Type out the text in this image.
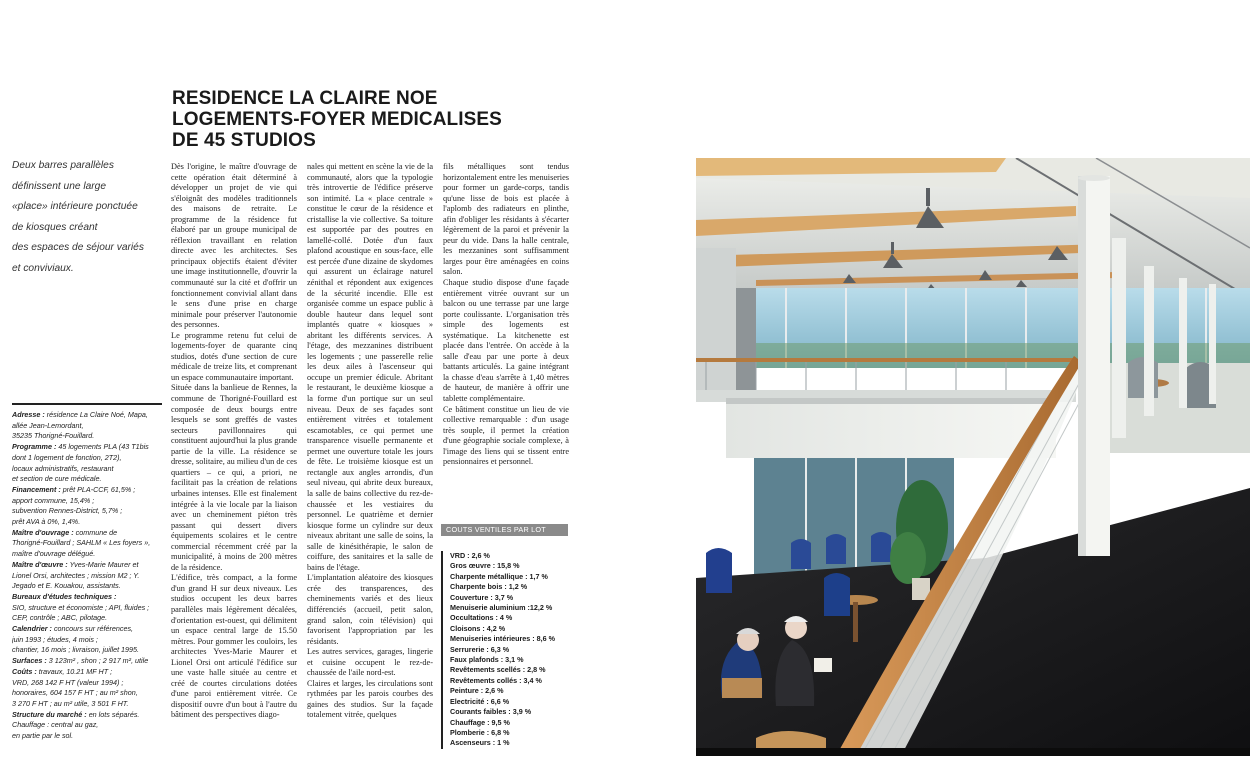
RESIDENCE LA CLAIRE NOE
LOGEMENTS-FOYER MEDICALISES
DE 45 STUDIOS
Deux barres parallèles
définissent une large
«place» intérieure ponctuée
de kiosques créant
des espaces de séjour variés
et conviviaux.
Adresse : résidence La Claire Noé, Mapa,
allée Jean-Lemordant,
35235 Thorigné-Fouillard.
Programme : 45 logements PLA (43 T1bis
dont 1 logement de fonction, 2T2),
locaux administratifs, restaurant
et section de cure médicale.
Financement : prêt PLA-CCF, 61,5% ;
apport commune, 15,4% ;
subvention Rennes-District, 5,7% ;
prêt AVA à 0%, 1,4%.
Maître d'ouvrage : commune de
Thorigné-Fouillard ; SAHLM « Les foyers »,
maître d'ouvrage délégué.
Maître d'œuvre : Yves-Marie Maurer et
Lionel Orsi, architectes ; mission M2 ; Y.
Jegado et E. Kouakou, assistants.
Bureaux d'études techniques :
SIO, structure et économiste ; API, fluides ;
CEP, contrôle ; ABC, pilotage.
Calendrier : concours sur références,
juin 1993 ; études, 4 mois ;
chantier, 16 mois ; livraison, juillet 1995.
Surfaces : 3 123m² , shon ; 2 917 m², utile
Coûts : travaux, 10.21 MF HT ;
VRD, 268 142 F HT (valeur 1994) ;
honoraires, 604 157 F HT ; au m² shon,
3 270 F HT ; au m² utile, 3 501 F HT.
Structure du marché : en lots séparés.
Chauffage : central au gaz,
en partie par le sol.

Dès l'origine, le maître d'ouvrage de cette opération était déterminé à développer un projet de vie qui s'éloignât des modèles traditionnels des maisons de retraite. Le programme de la résidence fut élaboré par un groupe municipal de réflexion travaillant en relation directe avec les architectes. Ses principaux objectifs étaient d'éviter une image institutionnelle, d'ouvrir la communauté sur la cité et d'offrir un fonctionnement convivial allant dans le sens d'une prise en charge minimale pour préserver l'autonomie des personnes.

Le programme retenu fut celui de logements-foyer de quarante cinq studios, dotés d'une section de cure médicale de treize lits, et comprenant un espace communautaire important.

Située dans la banlieue de Rennes, la commune de Thorigné-Fouillard est composée de deux bourgs entre lesquels se sont greffés de vastes secteurs pavillonnaires qui constituent aujourd'hui la plus grande partie de la ville. La résidence se dresse, solitaire, au milieu d'un de ces quartiers – ce qui, a priori, ne facilitait pas la création de relations urbaines intenses. Elle est finalement intégrée à la vie locale par la liaison avec un cheminement piéton très passant qui dessert divers équipements scolaires et le centre commercial récemment créé par la municipalité, à moins de 200 mètres de la résidence.

L'édifice, très compact, a la forme d'un grand H sur deux niveaux. Les studios occupent les deux barres parallèles mais légèrement décalées, d'orientation est-ouest, qui délimitent un espace central large de 15.50 mètres. Pour gommer les couloirs, les architectes Yves-Marie Maurer et Lionel Orsi ont articulé l'édifice sur une vaste halle située au centre et créé de courtes circulations dotées d'une paroi entièrement vitrée. Ce dispositif ouvre d'un bout à l'autre du bâtiment des perspectives diago-

nales qui mettent en scène la vie de la communauté, alors que la typologie très introvertie de l'édifice préserve son intimité. La « place centrale » constitue le cœur de la résidence et cristallise la vie collective. Sa toiture est supportée par des poutres en lamellé-collé. Dotée d'un faux plafond acoustique en sous-face, elle est percée d'une dizaine de skydomes qui assurent un éclairage naturel zénithal et répondent aux exigences de la sécurité incendie. Elle est organisée comme un espace public à double hauteur dans lequel sont implantés quatre « kiosques » abritant les différents services. A l'étage, des mezzanines distribuent les logements ; une passerelle relie les deux ailes à l'ascenseur qui occupe un premier édicule. Abritant le restaurant, le deuxième kiosque a la forme d'un portique sur un seul niveau. Deux de ses façades sont entièrement vitrées et totalement escamotables, ce qui permet une transparence visuelle permanente et permet une ouverture totale les jours de fête. Le troisième kiosque est un rectangle aux angles arrondis, d'un seul niveau, qui abrite deux bureaux, la salle de bains collective du rez-de-chaussée et les vestiaires du personnel. Le quatrième et dernier kiosque forme un cylindre sur deux niveaux abritant une salle de soins, la salle de kinésithérapie, le salon de coiffure, des sanitaires et la salle de bains de l'étage.

L'implantation aléatoire des kiosques crée des transparences, des cheminements variés et des lieux différenciés (accueil, petit salon, grand salon, coin télévision) qui favorisent l'appropriation par les résidants.

Les autres services, garages, lingerie et cuisine occupent le rez-de-chaussée de l'aile nord-est.

Claires et larges, les circulations sont rythmées par les parois courbes des gaines des studios. Sur la façade totalement vitrée, quelques

fils métalliques sont tendus horizontalement entre les menuiseries pour former un garde-corps, tandis qu'une lisse de bois est placée à l'aplomb des radiateurs en plinthe, afin d'obliger les résidants à s'écarter légèrement de la paroi et prévenir la peur du vide. Dans la halle centrale, les mezzanines sont suffisamment larges pour être aménagées en coins salon.

Chaque studio dispose d'une façade entièrement vitrée ouvrant sur un balcon ou une terrasse par une large porte coulissante. L'organisation très simple des logements est systématique. La kitchenette est placée dans l'entrée. On accède à la salle d'eau par une porte à deux battants articulés. La gaine intégrant la chasse d'eau s'arrête à 1,40 mètres de hauteur, de manière à offrir une tablette complémentaire.

Ce bâtiment constitue un lieu de vie collective remarquable : d'un usage très souple, il permet la création d'une géographie sociale complexe, à l'image des liens qui se tissent entre pensionnaires et personnel.

COUTS VENTILES PAR LOT
VRD : 2,6 %
Gros œuvre : 15,8 %
Charpente métallique : 1,7 %
Charpente bois : 1,2 %
Couverture : 3,7 %
Menuiserie aluminium :12,2 %
Occultations : 4 %
Cloisons : 4,2 %
Menuiseries intérieures : 8,6 %
Serrurerie : 6,3 %
Faux plafonds : 3,1 %
Revêtements scellés : 2,8 %
Revêtements collés : 3,4 %
Peinture : 2,6 %
Electricité : 6,6 %
Courants faibles : 3,9 %
Chauffage : 9,5 %
Plomberie : 6,8 %
Ascenseurs : 1 %
